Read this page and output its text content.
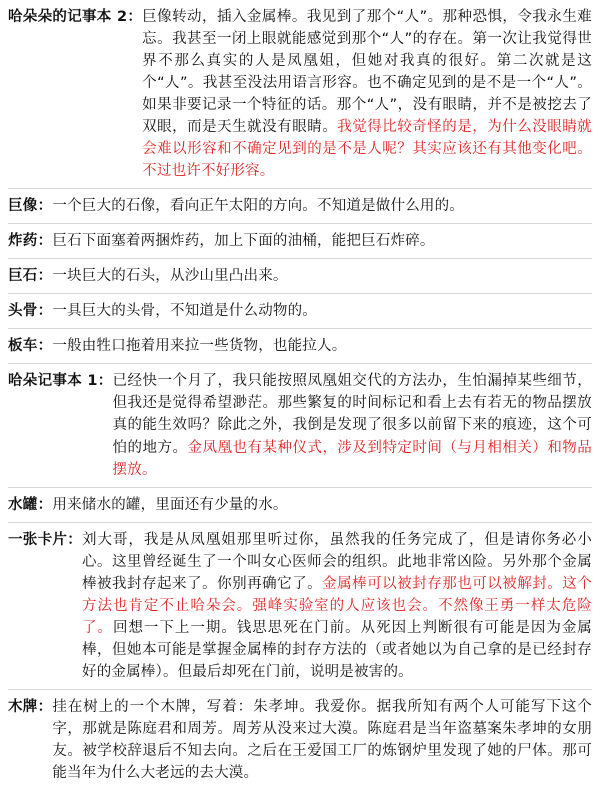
哈朵朵的记事本 2： 巨像转动，插入金属棒。我见到了那个“人”。那种恐惧，令我永生难忘。我甚至一闭上眼就能感觉到那个“人”的存在。第一次让我觉得世界不那么真实的人是凤凰姐，但她对我真的很好。第二次就是这个“人”。我甚至没法用语言形容。也不确定见到的是不是一个“人”。如果非要记录一个特征的话。那个“人”，没有眼睛，并不是被挖去了双眼，而是天生就没有眼睛。我觉得比较奇怪的是，为什么没眼睛就会难以形容和不确定见到的是不是人呢？其实应该还有其他变化吧。不过也许不好形容。
巨像： 一个巨大的石像，看向正午太阳的方向。不知道是做什么用的。
炸药： 巨石下面塞着两捆炸药，加上下面的油桶，能把巨石炸碎。
巨石： 一块巨大的石头，从沙山里凸出来。
头骨： 一具巨大的头骨，不知道是什么动物的。
板车： 一般由牲口拖着用来拉一些货物，也能拉人。
哈朵记事本 1： 已经快一个月了，我只能按照凤凰姐交代的方法办，生怕漏掉某些细节，但我还是觉得希望渺茫。那些繁复的时间标记和看上去有若无的物品摆放真的能生效吗？除此之外，我倒是发现了很多以前留下来的痕迹，这个可怕的地方。金凤凰也有某种仪式，涉及到特定时间（与月相相关）和物品摆放。
水罐： 用来储水的罐，里面还有少量的水。
一张卡片： 刘大哥，我是从凤凰姐那里听过你，虽然我的任务完成了，但是请你务必小心。这里曾经诞生了一个叫女心医师会的组织。此地非常凶险。另外那个金属棒被我封存起来了。你别再确它了。金属棒可以被封存那也可以被解封。这个方法也肯定不止哈朵会。强峰实验室的人应该也会。不然像王勇一样太危险了。回想一下上一期。钱思思死在门前。从死因上判断很有可能是因为金属棒，但她本可能是掌握金属棒的封存方法的（或者她以为自己拿的是已经封存好的金属棒）。但最后却死在门前，说明是被害的。
木牌： 挂在树上的一个木牌，写着：朱孝坤。我爱你。据我所知有两个人可能写下这个字，那就是陈庭君和周芳。周芳从没来过大漠。陈庭君是当年盗墓案朱孝坤的女朋友。被学校辞退后不知去向。之后在王爱国工厂的炼钢炉里发现了她的尸体。那可能当年为什么大老远的去大漠。
